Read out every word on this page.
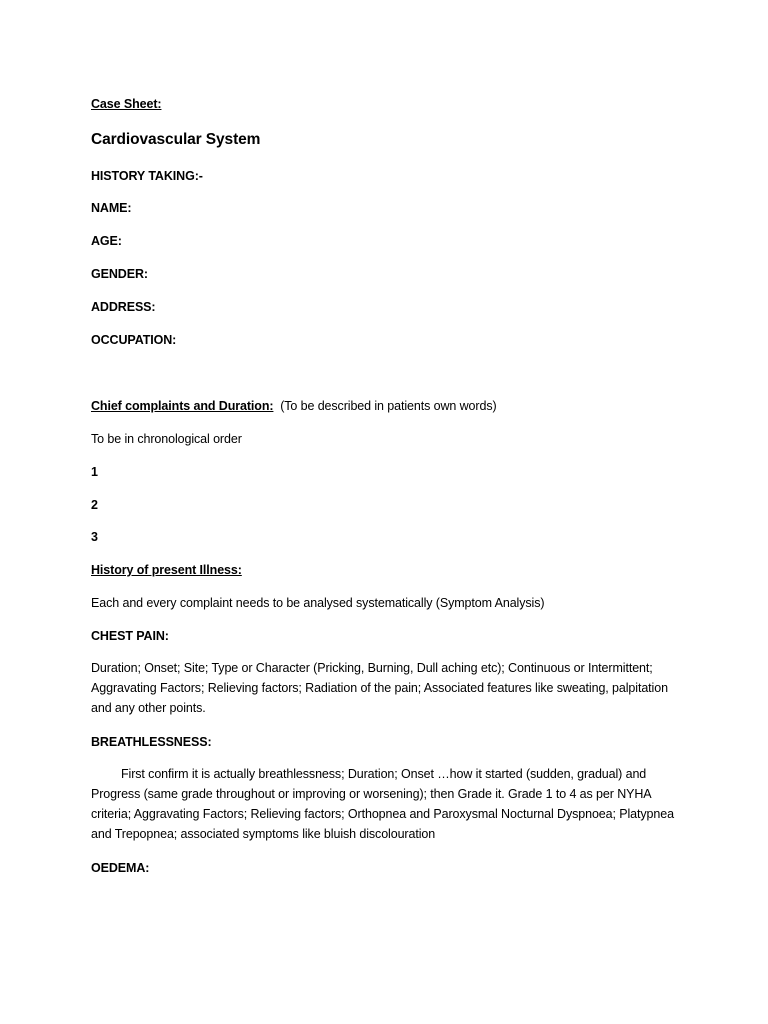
Case Sheet:
Cardiovascular System
HISTORY TAKING:-
NAME:
AGE:
GENDER:
ADDRESS:
OCCUPATION:
Chief complaints and Duration: (To be described in patients own words)
To be in chronological order
1
2
3
History of present Illness:
Each and every complaint needs to be analysed systematically (Symptom Analysis)
CHEST PAIN:
Duration; Onset; Site; Type or Character (Pricking, Burning, Dull aching etc); Continuous or Intermittent; Aggravating Factors; Relieving factors; Radiation of the pain; Associated features like sweating, palpitation and any other points.
BREATHLESSNESS:
First confirm it is actually breathlessness; Duration; Onset …how it started (sudden, gradual) and Progress (same grade throughout or improving or worsening); then Grade it. Grade 1 to 4 as per NYHA criteria; Aggravating Factors; Relieving factors; Orthopnea and Paroxysmal Nocturnal Dyspnoea; Platypnea and Trepopnea; associated symptoms like bluish discolouration
OEDEMA:
